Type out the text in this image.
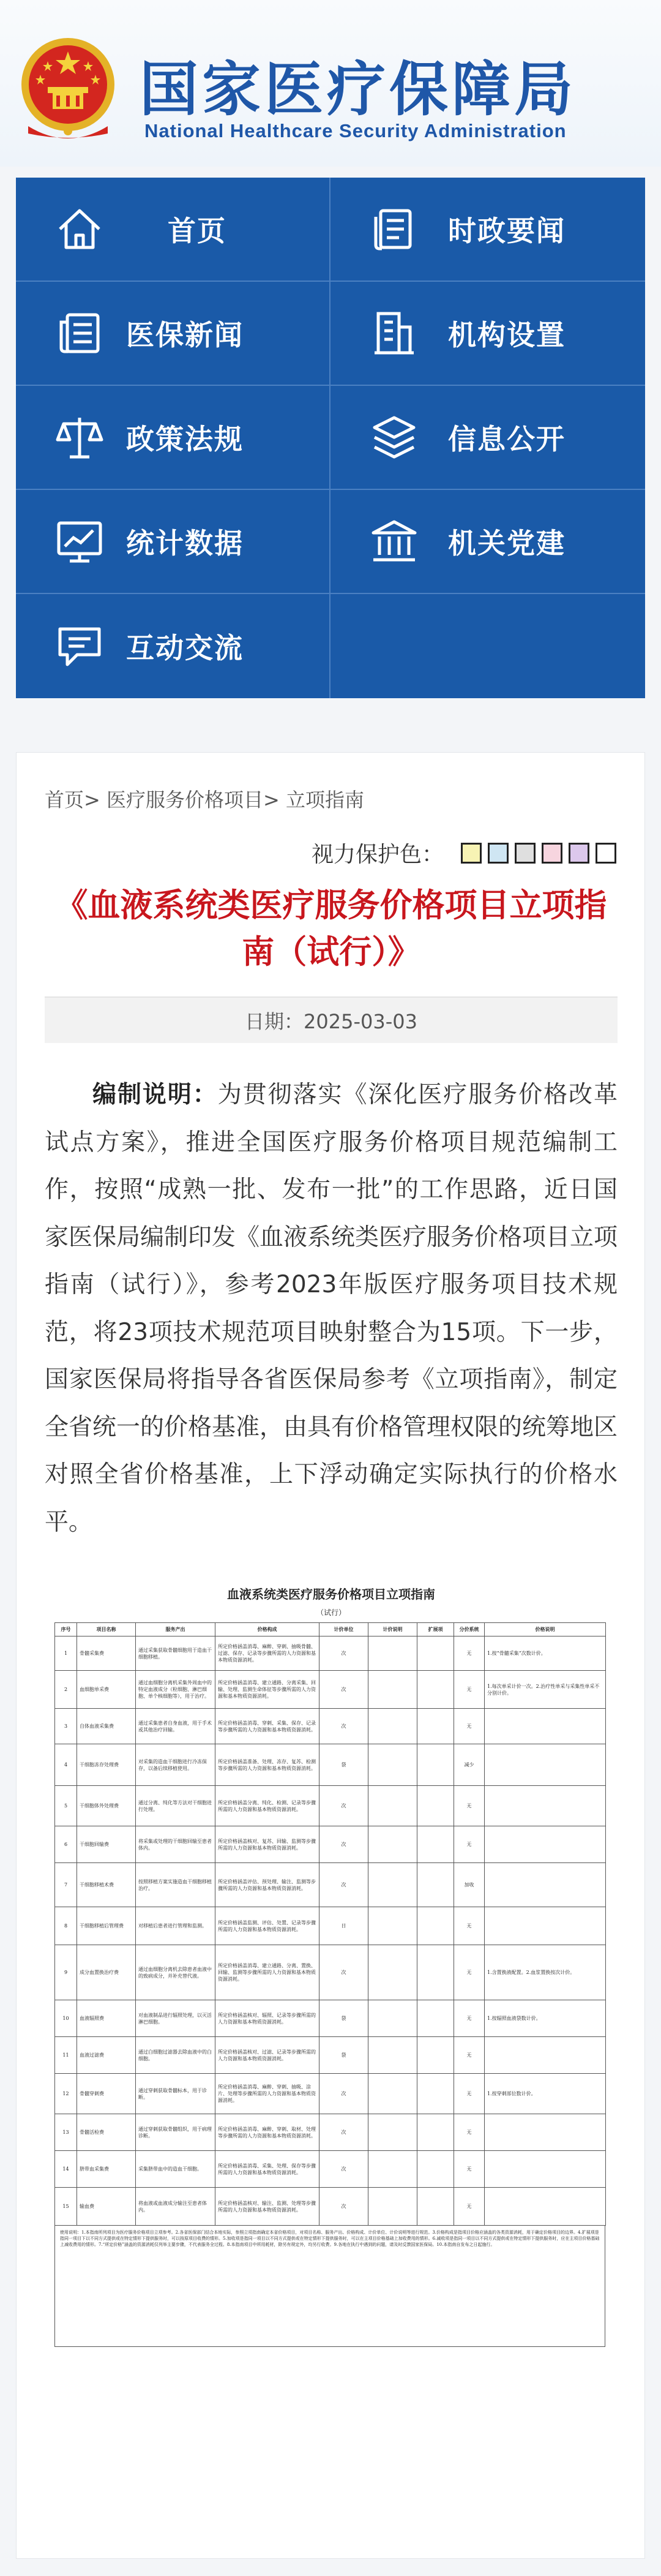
国家医疗保障局
National Healthcare Security Administration
首页	时政要闻
医保新闻	机构设置
政策法规	信息公开
统计数据	机关党建
互动交流
首页> 医疗服务价格项目> 立项指南
视力保护色：
《血液系统类医疗服务价格项目立项指南（试行）》
日期：2025-03-03
编制说明：为贯彻落实《深化医疗服务价格改革试点方案》，推进全国医疗服务价格项目规范编制工作，按照“成熟一批、发布一批”的工作思路，近日国家医保局编制印发《血液系统类医疗服务价格项目立项指南（试行）》，参考2023年版医疗服务项目技术规范，将23项技术规范项目映射整合为15项。下一步，国家医保局将指导各省医保局参考《立项指南》，制定全省统一的价格基准，由具有价格管理权限的统筹地区对照全省价格基准，上下浮动确定实际执行的价格水平。
血液系统类医疗服务价格项目立项指南
（试行）
序号	项目名称	服务产出	价格构成	计价单位	计价说明	扩展项	分价系统	价格说明
1	骨髓采集费	通过采集获取骨髓细胞用于造血干细胞移植。	所定价格涵盖消毒、麻醉、穿刺、抽吸骨髓、过滤、保存、记录等步骤所需的人力资源和基本物质资源消耗。	次			无	1.按“骨髓采集”次数计价。
2	血细胞单采费	通过血细胞分离机采集外周血中的特定血液成分（粒细胞、淋巴细胞、单个核细胞等），用于治疗。	所定价格涵盖消毒、建立通路、分离采集、回输、处理、监测生命体征等步骤所需的人力资源和基本物质资源消耗。	次			无	1.每次单采计价一次。2.治疗性单采与采集性单采不分别计价。
3	自体血液采集费	通过采集患者自身血液，用于手术或其他治疗回输。	所定价格涵盖消毒、穿刺、采集、保存、记录等步骤所需的人力资源和基本物质资源消耗。	次			无	
4	干细胞冻存处理费	对采集的造血干细胞进行冷冻保存，以备后续移植使用。	所定价格涵盖准备、处理、冻存、复苏、检测等步骤所需的人力资源和基本物质资源消耗。	袋			减少	
5	干细胞体外处理费	通过分离、纯化等方法对干细胞进行处理。	所定价格涵盖分离、纯化、检测、记录等步骤所需的人力资源和基本物质资源消耗。	次			无	
6	干细胞回输费	将采集或处理的干细胞回输至患者体内。	所定价格涵盖核对、复苏、回输、监测等步骤所需的人力资源和基本物质资源消耗。	次			无	
7	干细胞移植术费	按照移植方案实施造血干细胞移植治疗。	所定价格涵盖评估、预处理、输注、监测等步骤所需的人力资源和基本物质资源消耗。	次			加收	
8	干细胞移植后管理费	对移植后患者进行管理和监测。	所定价格涵盖监测、评估、处置、记录等步骤所需的人力资源和基本物质资源消耗。	日			无	
9	成分血置换治疗费	通过血细胞分离机去除患者血液中的致病成分，并补充替代液。	所定价格涵盖消毒、建立通路、分离、置换、回输、监测等步骤所需的人力资源和基本物质资源消耗。	次			无	1.含置换液配置。2.血浆置换按次计价。
10	血液辐照费	对血液制品进行辐照处理，以灭活淋巴细胞。	所定价格涵盖核对、辐照、记录等步骤所需的人力资源和基本物质资源消耗。	袋			无	1.按辐照血液袋数计价。
11	血液过滤费	通过白细胞过滤器去除血液中的白细胞。	所定价格涵盖核对、过滤、记录等步骤所需的人力资源和基本物质资源消耗。	袋			无	
12	骨髓穿刺费	通过穿刺获取骨髓标本，用于诊断。	所定价格涵盖消毒、麻醉、穿刺、抽吸、涂片、处理等步骤所需的人力资源和基本物质资源消耗。	次			无	1.按穿刺部位数计价。
13	骨髓活检费	通过穿刺获取骨髓组织，用于病理诊断。	所定价格涵盖消毒、麻醉、穿刺、取材、处理等步骤所需的人力资源和基本物质资源消耗。	次			无	
14	脐带血采集费	采集脐带血中的造血干细胞。	所定价格涵盖消毒、采集、处理、保存等步骤所需的人力资源和基本物质资源消耗。	次			无	
15	输血费	将血液或血液成分输注至患者体内。	所定价格涵盖核对、输注、监测、处理等步骤所需的人力资源和基本物质资源消耗。	次			无	
使用说明：1.本指南所列项目为医疗服务价格项目立项参考。2.各省医保部门结合本地实际，参照立项指南确定本省价格项目，对项目名称、服务产出、价格构成、计价单位、计价说明等进行规范。3.价格构成是指项目价格应涵盖的各类资源消耗，用于确定价格项目的边界。4.扩展项是指同一项目下以不同方式提供或在特定情形下提供服务时，可以按原项目收费的情形。5.加收项是指同一项目以不同方式提供或在特定情形下提供服务时，可以在主项目价格基础上加收费用的情形。6.减收项是指同一项目以不同方式提供或在特定情形下提供服务时，应在主项目价格基础上减收费用的情形。7.“所定价格”涵盖的资源消耗仅列举主要步骤，不代表服务全过程。8.本指南项目中所用耗材，除另有规定外，均另行收费。9.各地在执行中遇到的问题，请及时反馈国家医保局。10.本指南自发布之日起施行。
